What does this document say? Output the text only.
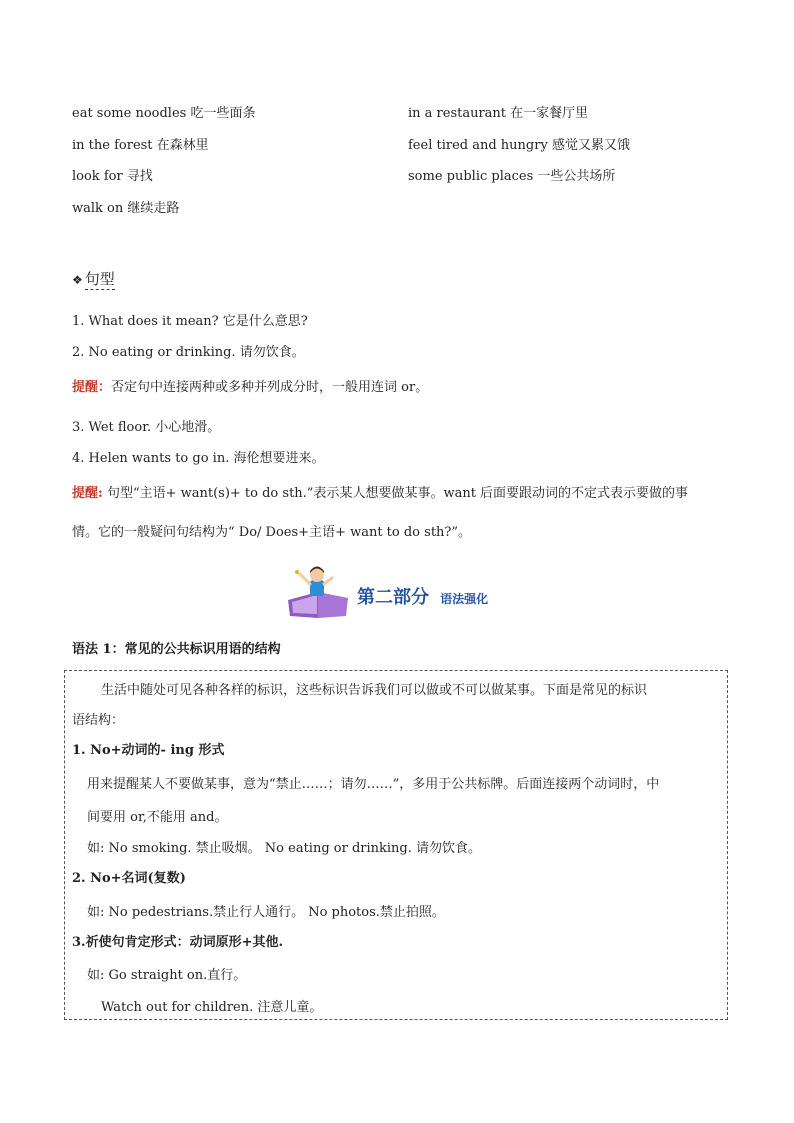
eat some noodles 吃一些面条
in the forest 在森林里
look for 寻找
walk on 继续走路
in a restaurant 在一家餐厅里
feel tired and hungry 感觉又累又饿
some public places 一些公共场所
❖ 句型
1. What does it mean? 它是什么意思?
2. No eating or drinking. 请勿饮食。
提醒：否定句中连接两种或多种并列成分时，一般用连词 or。
3. Wet floor. 小心地滑。
4. Helen wants to go in. 海伦想要进来。
提醒: 句型“主语+ want(s)+ to do sth.”表示某人想要做某事。want 后面要跟动词的不定式表示要做的事
情。它的一般疑问句结构为“ Do/ Does+主语+ want to do sth?”。
第二部分 语法强化
语法 1：常见的公共标识用语的结构
生活中随处可见各种各样的标识，这些标识告诉我们可以做或不可以做某事。下面是常见的标识
语结构：
1. No+动词的- ing 形式
用来提醒某人不要做某事，意为“禁止……；请勿……”，多用于公共标牌。后面连接两个动词时，中
间要用 or,不能用 and。
如: No smoking. 禁止吸烟。 No eating or drinking. 请勿饮食。
2. No+名词(复数)
如: No pedestrians.禁止行人通行。 No photos.禁止拍照。
3.祈使句肯定形式：动词原形+其他.
如: Go straight on.直行。
Watch out for children. 注意儿童。
